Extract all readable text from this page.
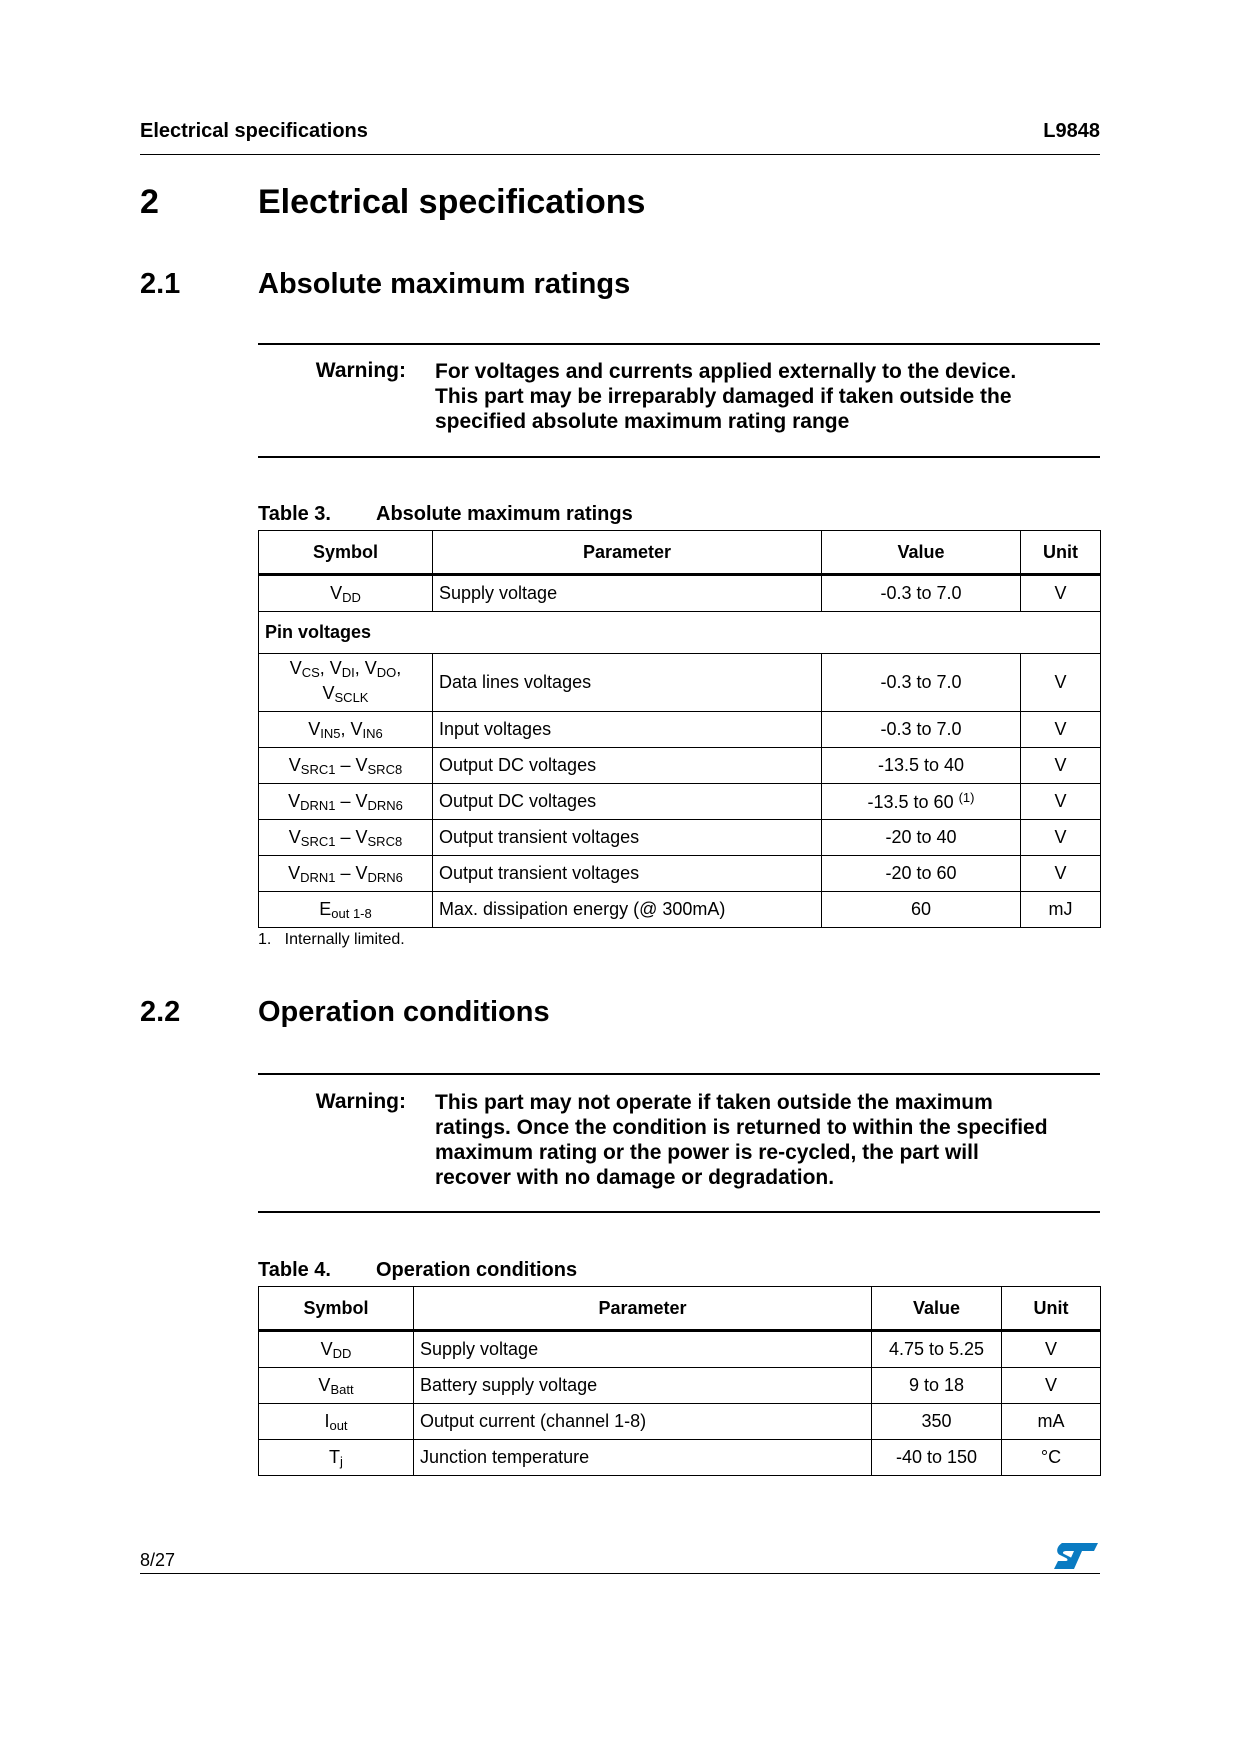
Electrical specifications	L9848
2	Electrical specifications
2.1	Absolute maximum ratings
Warning: For voltages and currents applied externally to the device.
This part may be irreparably damaged if taken outside the
specified absolute maximum rating range
Table 3. Absolute maximum ratings
Symbol	Parameter	Value	Unit
$V_{DD}$	Supply voltage	-0.3 to 7.0	V
Pin voltages			
$V_{CS}$, $V_{DI}$, $V_{DO}$,
$V_{SCLK}$	Data lines voltages	-0.3 to 7.0	V
$V_{IN5}$, $V_{IN6}$	Input voltages	-0.3 to 7.0	V
$V_{SRC1} - V_{SRC8}$	Output DC voltages	-13.5 to 40	V
$V_{DRN1} - V_{DRN6}$	Output DC voltages	-13.5 to 60 $^{(1)}$	V
$V_{SRC1} - V_{SRC8}$	Output transient voltages	-20 to 40	V
$V_{DRN1} - V_{DRN6}$	Output transient voltages	-20 to 60	V
$E_{out 1-8}$	Max. dissipation energy (@ 300mA)	60	mJ
1.   Internally limited.
2.2	Operation conditions
Warning: This part may not operate if taken outside the maximum
ratings. Once the condition is returned to within the specified
maximum rating or the power is re-cycled, the part will
recover with no damage or degradation.
Table 4. Operation conditions
Symbol	Parameter	Value	Unit
$V_{DD}$	Supply voltage	4.75 to 5.25	V
$V_{Batt}$	Battery supply voltage	9 to 18	V
$I_{out}$	Output current (channel 1-8)	350	mA
$T_j$	Junction temperature	-40 to 150	°C
8/27
